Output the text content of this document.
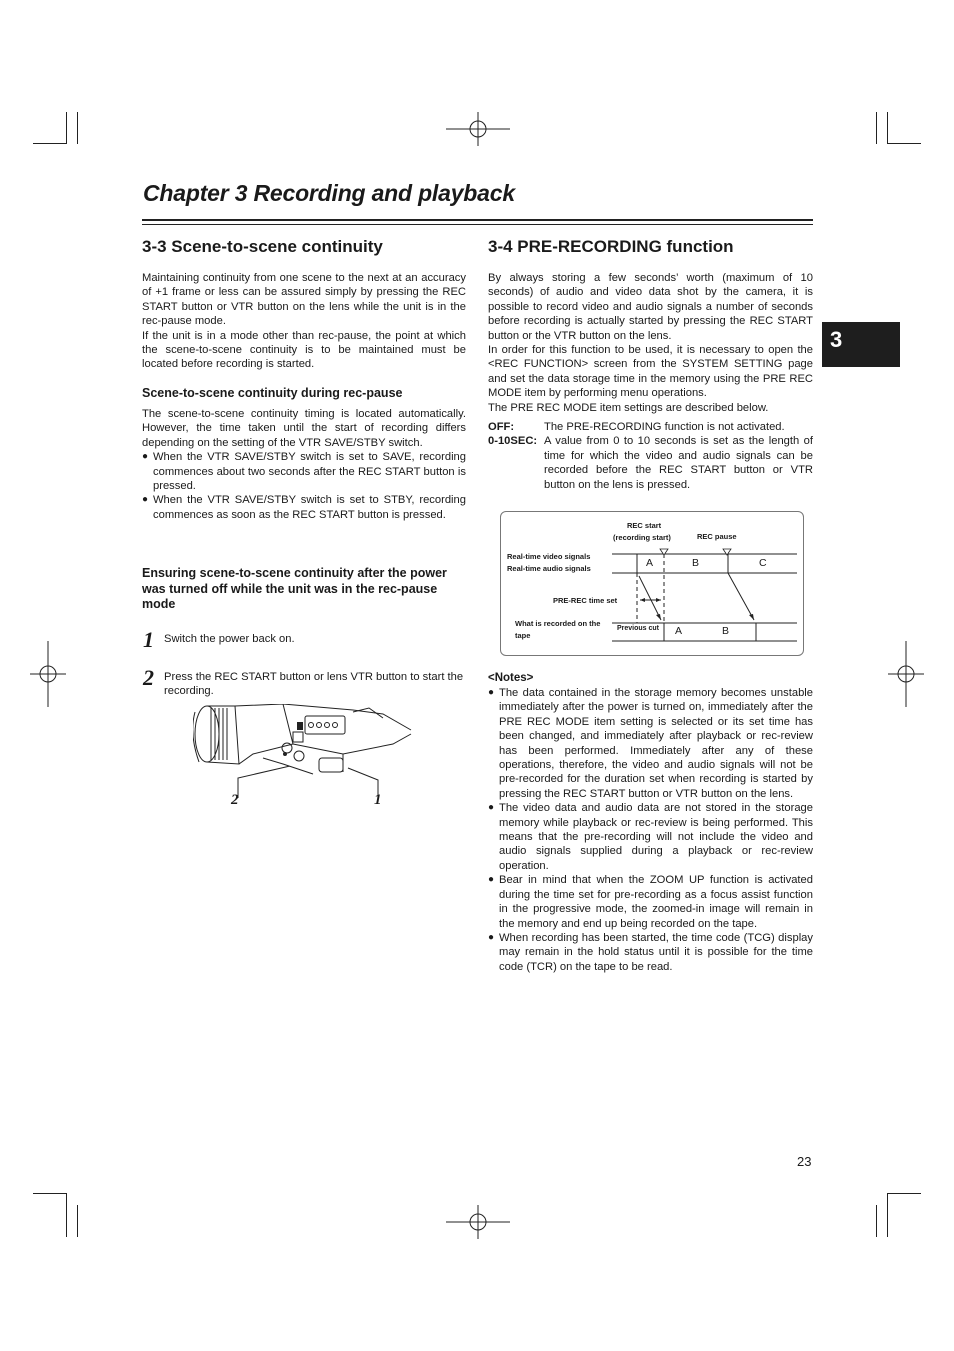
Chapter 3 Recording and playback
3
3-3 Scene-to-scene continuity

Maintaining continuity from one scene to the next at an accuracy of +1 frame or less can be assured simply by pressing the REC START button or VTR button on the lens while the unit is in the rec-pause mode.

If the unit is in a mode other than rec-pause, the point at which the scene-to-scene continuity is to be maintained must be located before recording is started.

Scene-to-scene continuity during rec-pause

The scene-to-scene continuity timing is located automatically. However, the time taken until the start of recording differs depending on the setting of the VTR SAVE/STBY switch.

● When the VTR SAVE/STBY switch is set to SAVE, recording commences about two seconds after the REC START button is pressed.
● When the VTR SAVE/STBY switch is set to STBY, recording commences as soon as the REC START button is pressed.
Ensuring scene-to-scene continuity after the power was turned off while the unit was in the rec-pause mode
1 Switch the power back on.
2 Press the REC START button or lens VTR button to start the recording.
2	1
3-4 PRE-RECORDING function

By always storing a few seconds’ worth (maximum of 10 seconds) of audio and video data shot by the camera, it is possible to record video and audio signals a number of seconds before recording is actually started by pressing the REC START button or the VTR button on the lens.

In order for this function to be used, it is necessary to open the <REC FUNCTION> screen from the SYSTEM SETTING page and set the data storage time in the memory using the PRE REC MODE item by performing menu operations.

The PRE REC MODE item settings are described below.

OFF:	The PRE-RECORDING function is not activated.
0-10SEC: A value from 0 to 10 seconds is set as the length of time for which the video and audio signals can be recorded before the REC START button or VTR button on the lens is pressed.
REC start
(recording start)	REC pause
Real-time video signals
Real-time audio signals
PRE-REC time set
What is recorded on the
tape
Previous cut
A	B	C
A	B
<Notes>
● The data contained in the storage memory becomes unstable immediately after the power is turned on, immediately after the PRE REC MODE item setting is selected or its set time has been changed, and immediately after playback or rec-review has been performed. Immediately after any of these operations, therefore, the video and audio signals will not be pre-recorded for the duration set when recording is started by pressing the REC START button or VTR button on the lens.
● The video data and audio data are not stored in the storage memory while playback or rec-review is being performed. This means that the pre-recording will not include the video and audio signals supplied during a playback or rec-review operation.
● Bear in mind that when the ZOOM UP function is activated during the time set for pre-recording as a focus assist function in the progressive mode, the zoomed-in image will remain in the memory and end up being recorded on the tape.
● When recording has been started, the time code (TCG) display may remain in the hold status until it is possible for the time code (TCR) on the tape to be read.
23
